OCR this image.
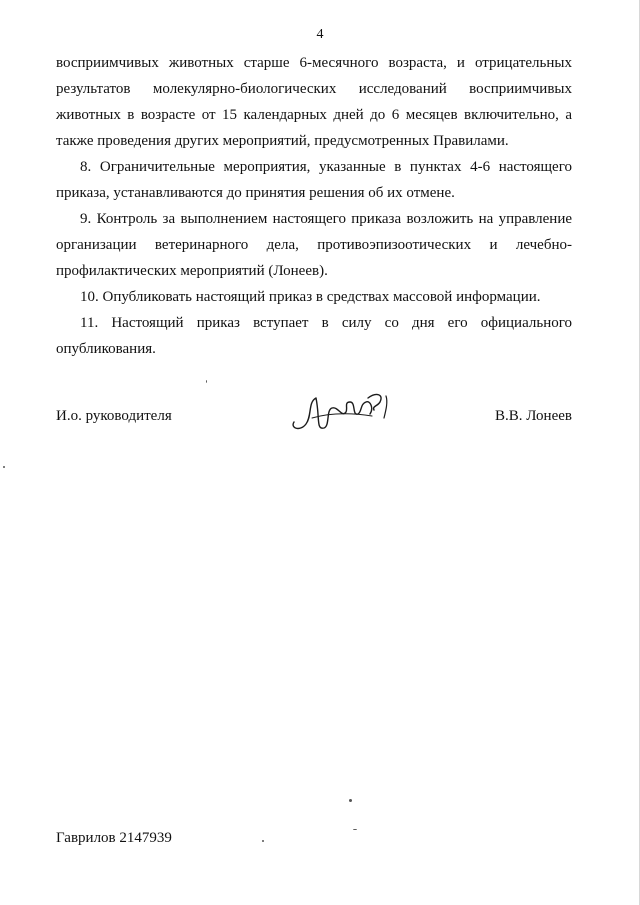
4

восприимчивых животных старше 6-месячного возраста, и отрицательных результатов молекулярно-биологических исследований восприимчивых животных в возрасте от 15 календарных дней до 6 месяцев включительно, а также проведения других мероприятий, предусмотренных Правилами.

8. Ограничительные мероприятия, указанные в пунктах 4-6 настоящего приказа, устанавливаются до принятия решения об их отмене.

9. Контроль за выполнением настоящего приказа возложить на управление организации ветеринарного дела, противоэпизоотических и лечебно-профилактических мероприятий (Лонеев).

10. Опубликовать настоящий приказ в средствах массовой информации.

11. Настоящий приказ вступает в силу со дня его официального опубликования.

И.о. руководителя	В.В. Лонеев
Гаврилов 2147939
